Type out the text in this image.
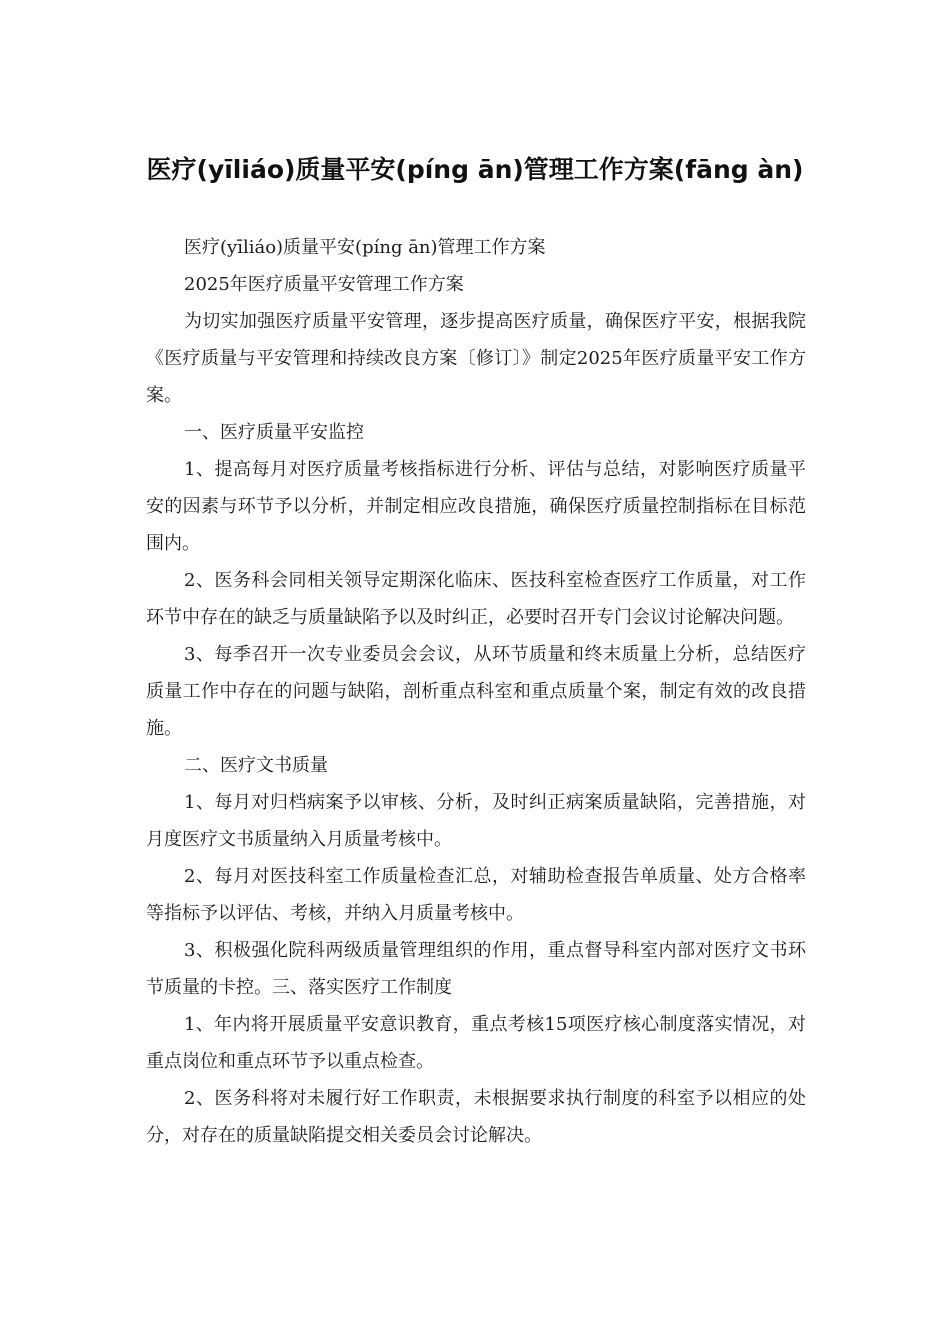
医疗(yīliáo)质量平安(píng ān)管理工作方案(fāng àn)

医疗(yīliáo)质量平安(píng ān)管理工作方案

2025年医疗质量平安管理工作方案

为切实加强医疗质量平安管理，逐步提高医疗质量，确保医疗平安，根据我院《医疗质量与平安管理和持续改良方案〔修订〕》制定2025年医疗质量平安工作方案。

一、医疗质量平安监控

1、提高每月对医疗质量考核指标进行分析、评估与总结，对影响医疗质量平安的因素与环节予以分析，并制定相应改良措施，确保医疗质量控制指标在目标范围内。

2、医务科会同相关领导定期深化临床、医技科室检查医疗工作质量，对工作环节中存在的缺乏与质量缺陷予以及时纠正，必要时召开专门会议讨论解决问题。

3、每季召开一次专业委员会会议，从环节质量和终末质量上分析，总结医疗质量工作中存在的问题与缺陷，剖析重点科室和重点质量个案，制定有效的改良措施。

二、医疗文书质量

1、每月对归档病案予以审核、分析，及时纠正病案质量缺陷，完善措施，对月度医疗文书质量纳入月质量考核中。

2、每月对医技科室工作质量检查汇总，对辅助检查报告单质量、处方合格率等指标予以评估、考核，并纳入月质量考核中。

3、积极强化院科两级质量管理组织的作用，重点督导科室内部对医疗文书环节质量的卡控。三、落实医疗工作制度

1、年内将开展质量平安意识教育，重点考核15项医疗核心制度落实情况，对重点岗位和重点环节予以重点检查。

2、医务科将对未履行好工作职责，未根据要求执行制度的科室予以相应的处分，对存在的质量缺陷提交相关委员会讨论解决。
